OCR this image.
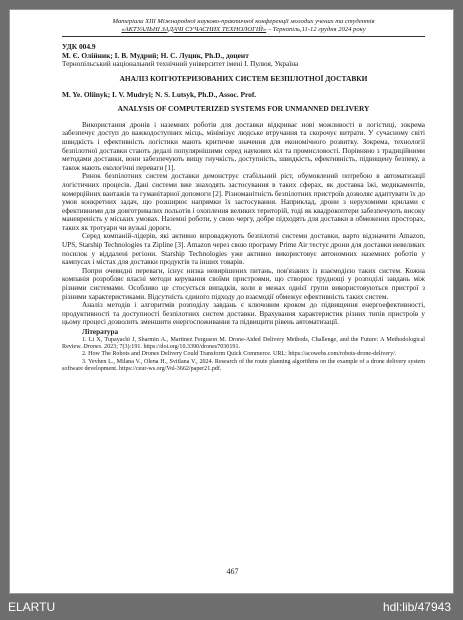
Матеріали XIII Міжнародної науково-практичної конференції молодих учених та студентів
«АКТУАЛЬНІ ЗАДАЧІ СУЧАСНИХ ТЕХНОЛОГІЙ» – Тернопіль,11-12 грудня 2024 року
УДК 004.9
М. Є. Олійник; І. В. Мудрий; Н. С. Луцик, Ph.D., доцент
Тернопільський національний технічний університет імені І. Пулюя, Україна
АНАЛІЗ КОП'ЮТЕРИЗОВАНИХ СИСТЕМ БЕЗПІЛОТНОЇ ДОСТАВКИ
M. Ye. Oliinyk; I. V. Mudryi; N. S. Lutsyk, Ph.D., Assoc. Prof.
ANALYSIS OF COMPUTERIZED SYSTEMS FOR UNMANNED DELIVERY

Використання дронів і наземних роботів для доставки відкриває нові можливості в логістиці, зокрема забезпечує доступ до важкодоступних місць, мінімізує людське втручання та скорочує витрати. У сучасному світі швидкість і ефективність логістики мають критичне значення для економічного розвитку. Зокрема, технології безпілотної доставки стають дедалі популярнішими серед наукових кіл та промисловості. Порівняно з традиційними методами доставки, вони забезпечують вищу гнучкість, доступність, швидкість, ефективність, підвищену безпеку, а також мають екологічні переваги [1].

Ринок безпілотних систем доставки демонструє стабільний ріст, обумовлений потребою в автоматизації логістичних процесів. Дані системи вже знаходять застосування в таких сферах, як доставка їжі, медикаментів, комерційних вантажів та гуманітарної допомоги [2]. Різноманітність безпілотних пристроїв дозволяє адаптувати їх до умов конкретних задач, що розширює напрямки їх застосування. Наприклад, дрони з нерухомими крилами є ефективними для довготривалих польотів і охоплення великих територій, тоді як квадрокоптери забезпечують високу маневреність у міських умовах. Наземні роботи, у свою чергу, добре підходять для доставки в обмежених просторах, таких як тротуари чи вузькі дороги.

Серед компаній-лідерів, які активно впроваджують безпілотні системи доставки, варто відзначити Amazon, UPS, Starship Technologies та Zipline [3]. Amazon через свою програму Prime Air тестує дрони для доставки невеликих посилок у віддалені регіони. Starship Technologies уже активно використовує автономних наземних роботів у кампусах і містах для доставки продуктів та інших товарів.

Попри очевидні переваги, існує низка невирішених питань, пов'язаних із взаємодією таких систем. Кожна компанія розробляє власні методи керування своїми пристроями, що створює труднощі у розподілі завдань між різними системами. Особливо це стосується випадків, коли в межах однієї групи використовуються пристрої з різними характеристиками. Відсутність єдиного підходу до взаємодії обмежує ефективність таких систем.

Аналіз методів і алгоритмів розподілу завдань є ключовим кроком до підвищення енергоефективності, продуктивності та доступності безпілотних систем доставки. Врахування характеристик різних типів пристроїв у цьому процесі дозволить зменшити енергоспоживання та підвищити рівень автоматизації.

Література

1. Li X, Tupayachi J, Sharmin A., Martinez Ferguson M. Drone-Aided Delivery Methods, Challenge, and the Future: A Methodological Review. Drones. 2023; 7(3):191. https://doi.org/10.3390/drones7030191.

2. How The Robots and Drones Delivery Could Transform Quick Commerce. URL: https://acowebs.com/robots-drone-delivery/.

3. Yevhen L., Milana V., Olena H., Svitlana V., 2024. Research of the route planning algorithms on the example of a drone delivery system software development. https://ceur-ws.org/Vol-3662/paper21.pdf.

467
ELARTU	hdl:lib/47943
